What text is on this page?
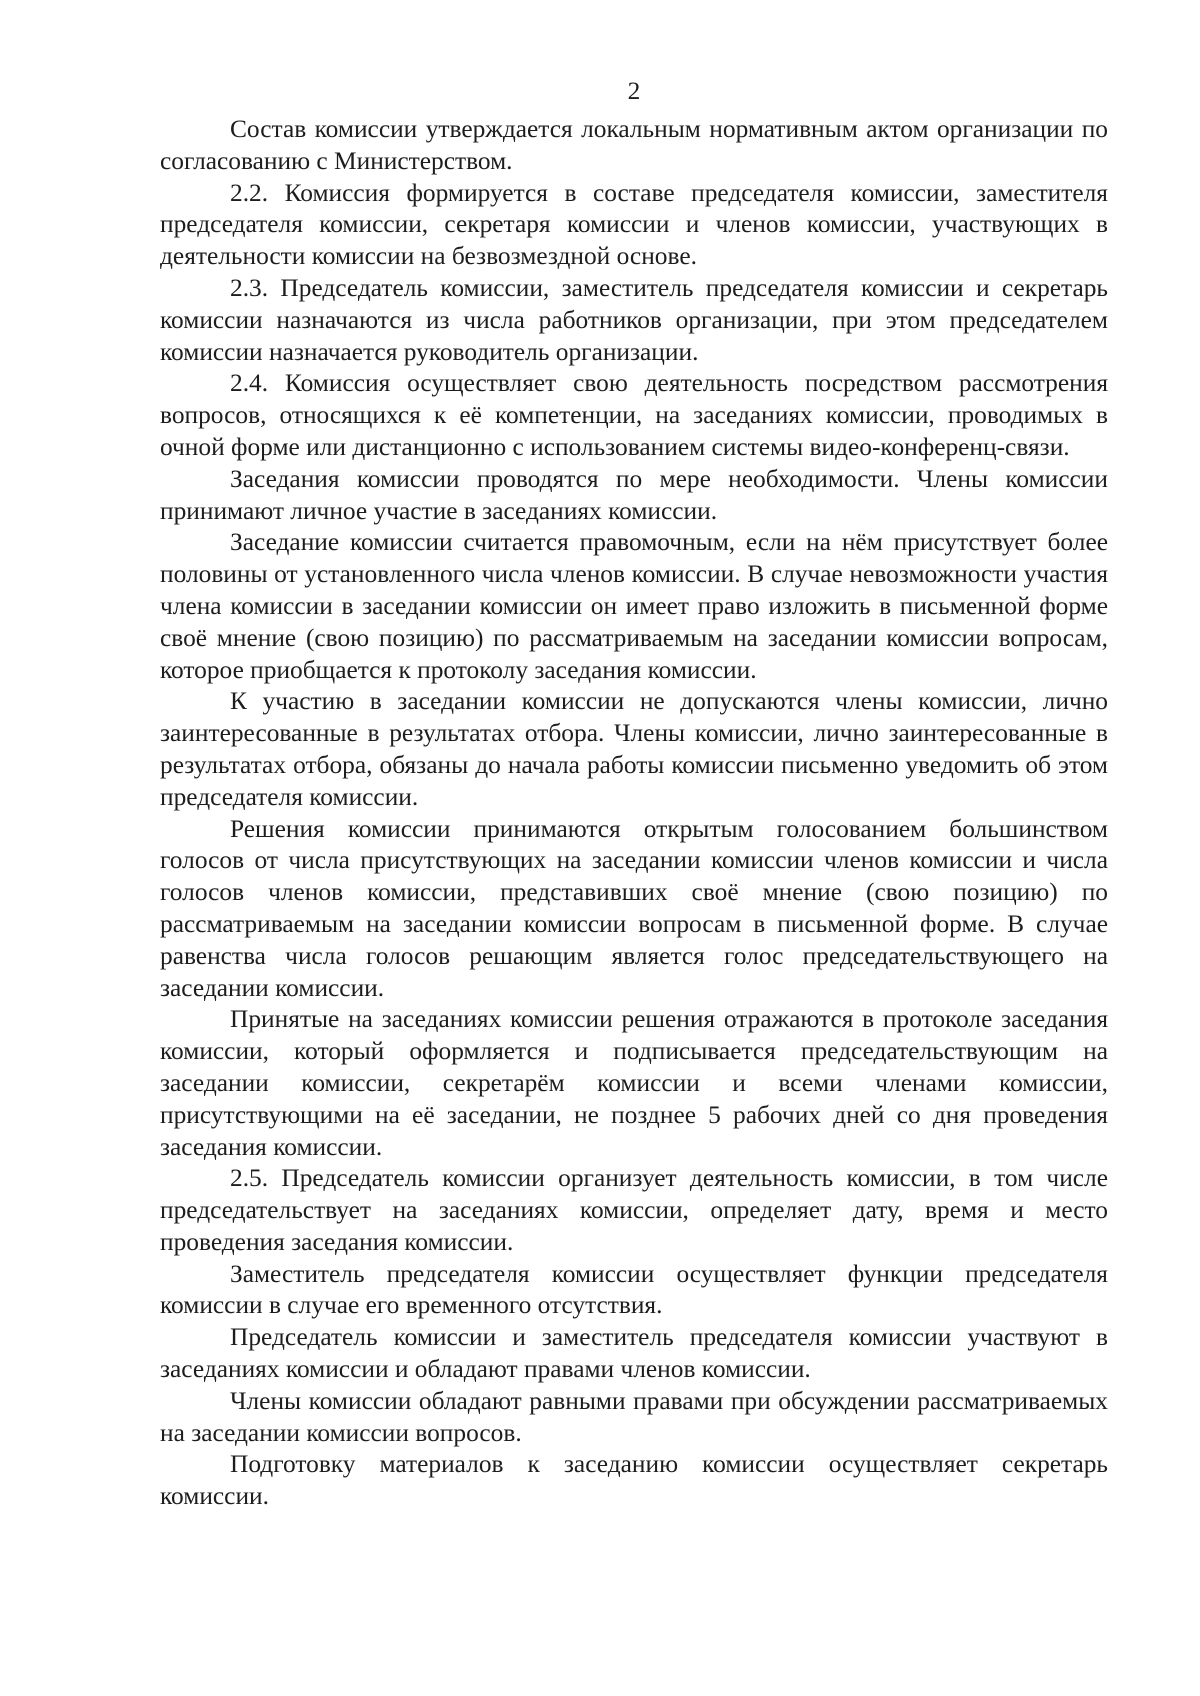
2

Состав комиссии утверждается локальным нормативным актом организации по согласованию с Министерством.

2.2. Комиссия формируется в составе председателя комиссии, заместителя председателя комиссии, секретаря комиссии и членов комиссии, участвующих в деятельности комиссии на безвозмездной основе.

2.3. Председатель комиссии, заместитель председателя комиссии и секретарь комиссии назначаются из числа работников организации, при этом председателем комиссии назначается руководитель организации.

2.4. Комиссия осуществляет свою деятельность посредством рассмотрения вопросов, относящихся к её компетенции, на заседаниях комиссии, проводимых в очной форме или дистанционно с использованием системы видео-конференц-связи.

Заседания комиссии проводятся по мере необходимости. Члены комиссии принимают личное участие в заседаниях комиссии.

Заседание комиссии считается правомочным, если на нём присутствует более половины от установленного числа членов комиссии. В случае невозможности участия члена комиссии в заседании комиссии он имеет право изложить в письменной форме своё мнение (свою позицию) по рассматриваемым на заседании комиссии вопросам, которое приобщается к протоколу заседания комиссии.

К участию в заседании комиссии не допускаются члены комиссии, лично заинтересованные в результатах отбора. Члены комиссии, лично заинтересованные в результатах отбора, обязаны до начала работы комиссии письменно уведомить об этом председателя комиссии.

Решения комиссии принимаются открытым голосованием большинством голосов от числа присутствующих на заседании комиссии членов комиссии и числа голосов членов комиссии, представивших своё мнение (свою позицию) по рассматриваемым на заседании комиссии вопросам в письменной форме. В случае равенства числа голосов решающим является голос председательствующего на заседании комиссии.

Принятые на заседаниях комиссии решения отражаются в протоколе заседания комиссии, который оформляется и подписывается председательствующим на заседании комиссии, секретарём комиссии и всеми членами комиссии, присутствующими на её заседании, не позднее 5 рабочих дней со дня проведения заседания комиссии.

2.5. Председатель комиссии организует деятельность комиссии, в том числе председательствует на заседаниях комиссии, определяет дату, время и место проведения заседания комиссии.

Заместитель председателя комиссии осуществляет функции председателя комиссии в случае его временного отсутствия.

Председатель комиссии и заместитель председателя комиссии участвуют в заседаниях комиссии и обладают правами членов комиссии.

Члены комиссии обладают равными правами при обсуждении рассматриваемых на заседании комиссии вопросов.

Подготовку материалов к заседанию комиссии осуществляет секретарь комиссии.
